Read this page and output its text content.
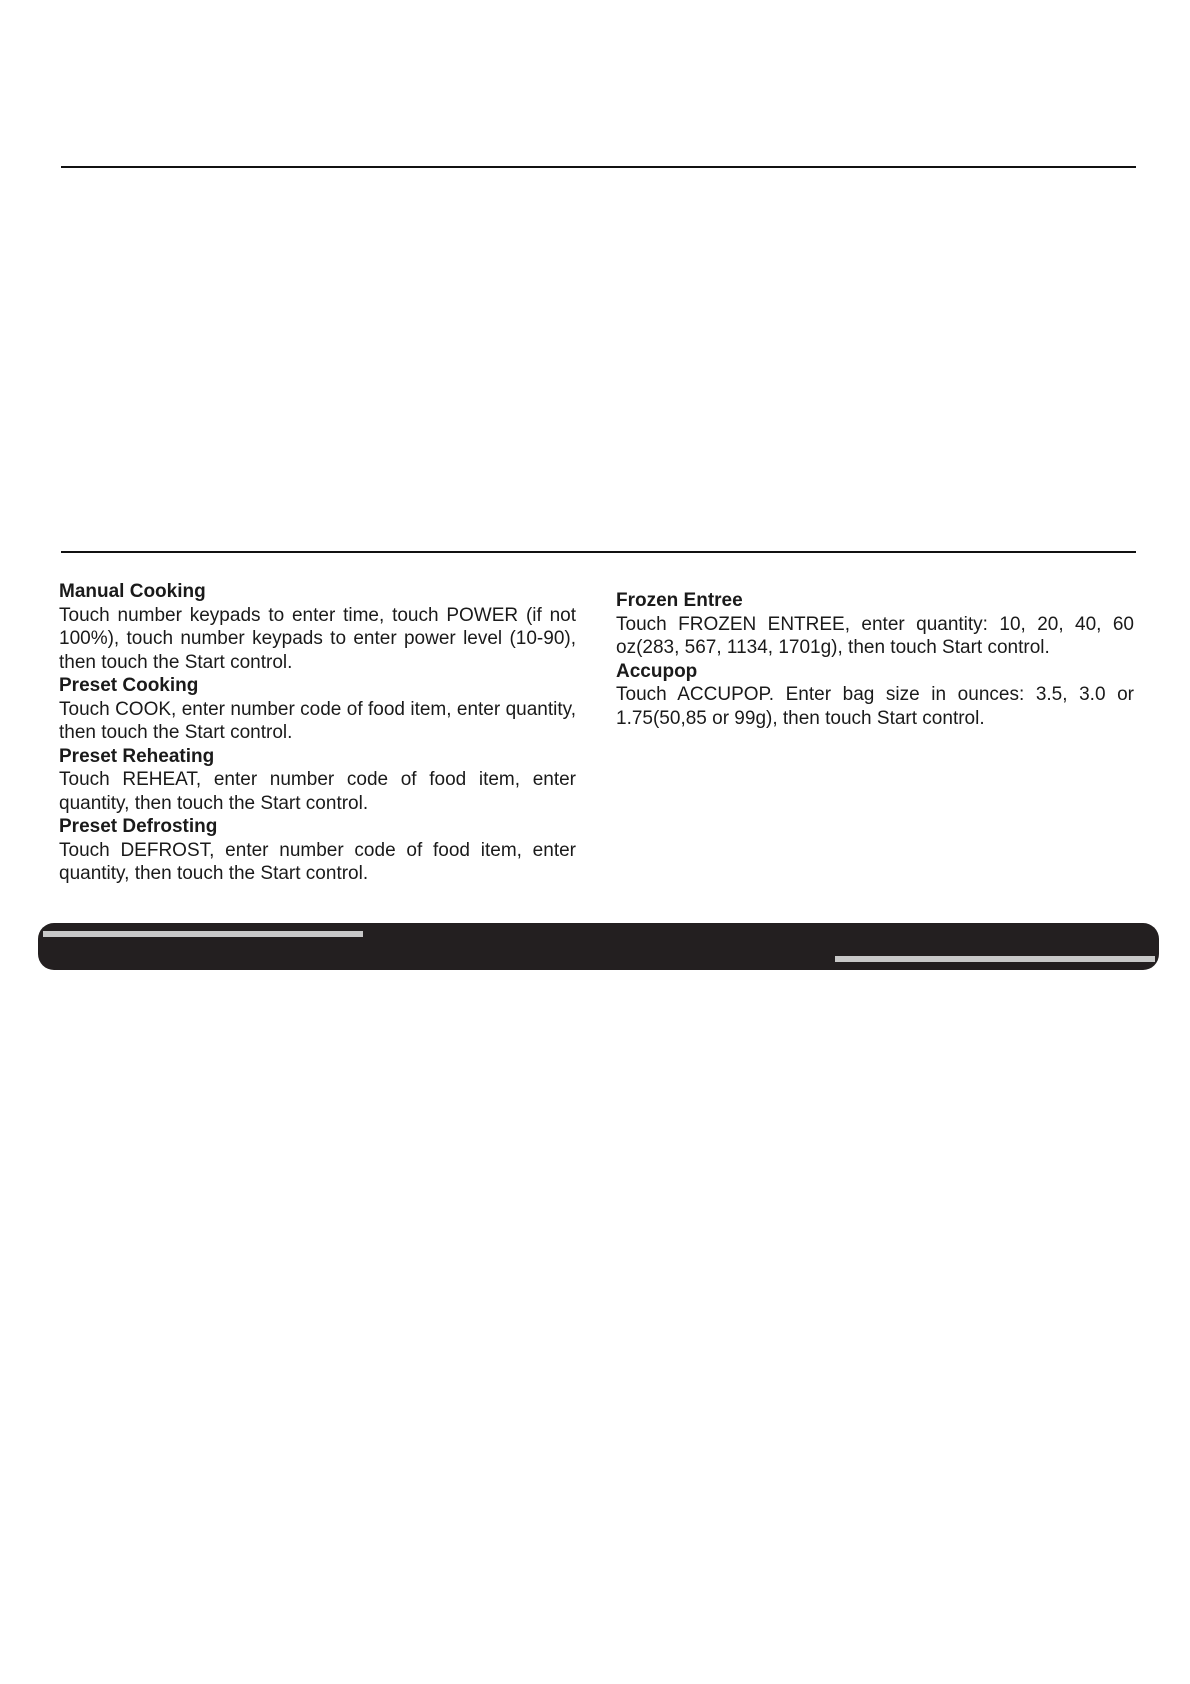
Manual Cooking

Touch number keypads to enter time, touch POWER (if not 100%), touch number keypads to enter power level (10-90), then touch the Start control.

Preset Cooking

Touch COOK, enter number code of food item, enter quantity, then touch the Start control.

Preset Reheating

Touch REHEAT, enter number code of food item, enter quantity, then touch the Start control.

Preset Defrosting

Touch DEFROST, enter number code of food item, enter quantity, then touch the Start control.

Frozen Entree

Touch FROZEN ENTREE, enter quantity: 10, 20, 40, 60 oz(283, 567, 1134, 1701g), then touch Start control.

Accupop

Touch ACCUPOP. Enter bag size in ounces: 3.5, 3.0 or 1.75(50,85 or 99g), then touch Start control.
